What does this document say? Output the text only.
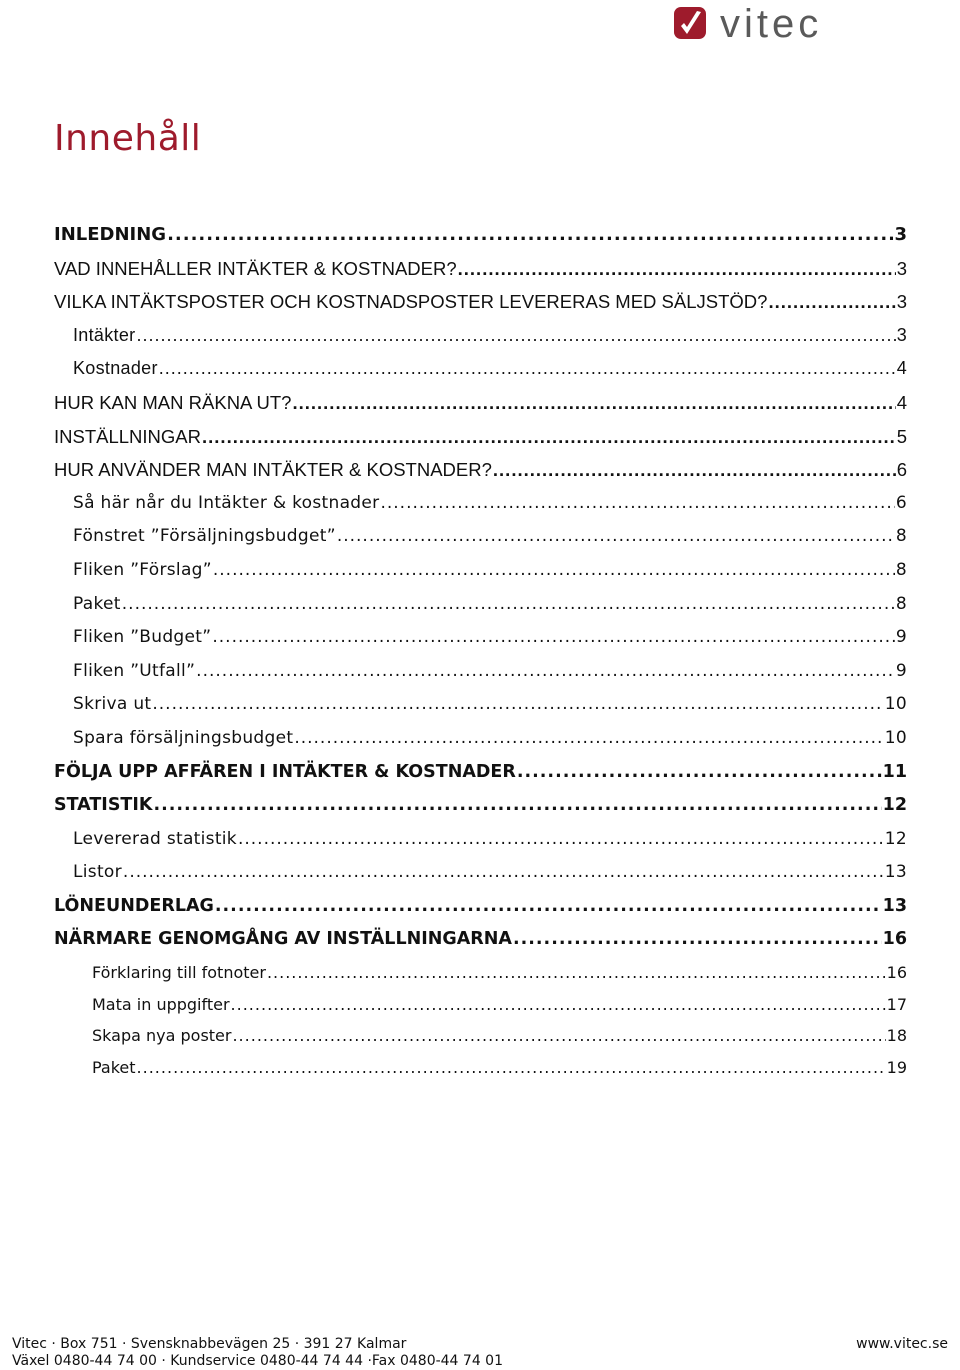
vitec
Innehåll
INLEDNING .....	3
VAD INNEHÅLLER INTÄKTER & KOSTNADER? .....	3
VILKA INTÄKTSPOSTER OCH KOSTNADSPOSTER LEVERERAS MED SÄLJSTÖD? .....	3
Intäkter .....	3
Kostnader .....	4
HUR KAN MAN RÄKNA UT? .....	4
INSTÄLLNINGAR .....	5
HUR ANVÄNDER MAN INTÄKTER & KOSTNADER? .....	6
Så här når du Intäkter & kostnader .....	6
Fönstret ”Försäljningsbudget” .....	8
Fliken ”Förslag” .....	8
Paket .....	8
Fliken ”Budget” .....	9
Fliken ”Utfall” .....	9
Skriva ut .....	10
Spara försäljningsbudget .....	10
FÖLJA UPP AFFÄREN I INTÄKTER & KOSTNADER .....	11
STATISTIK .....	12
Levererad statistik .....	12
Listor .....	13
LÖNEUNDERLAG .....	13
NÄRMARE GENOMGÅNG AV INSTÄLLNINGARNA .....	16
Förklaring till fotnoter .....	16
Mata in uppgifter .....	17
Skapa nya poster .....	18
Paket .....	19
Vitec · Box 751 · Svensknabbevägen 25 · 391 27 Kalmar	www.vitec.se
Växel 0480-44 74 00 · Kundservice 0480-44 74 44 ·Fax 0480-44 74 01
